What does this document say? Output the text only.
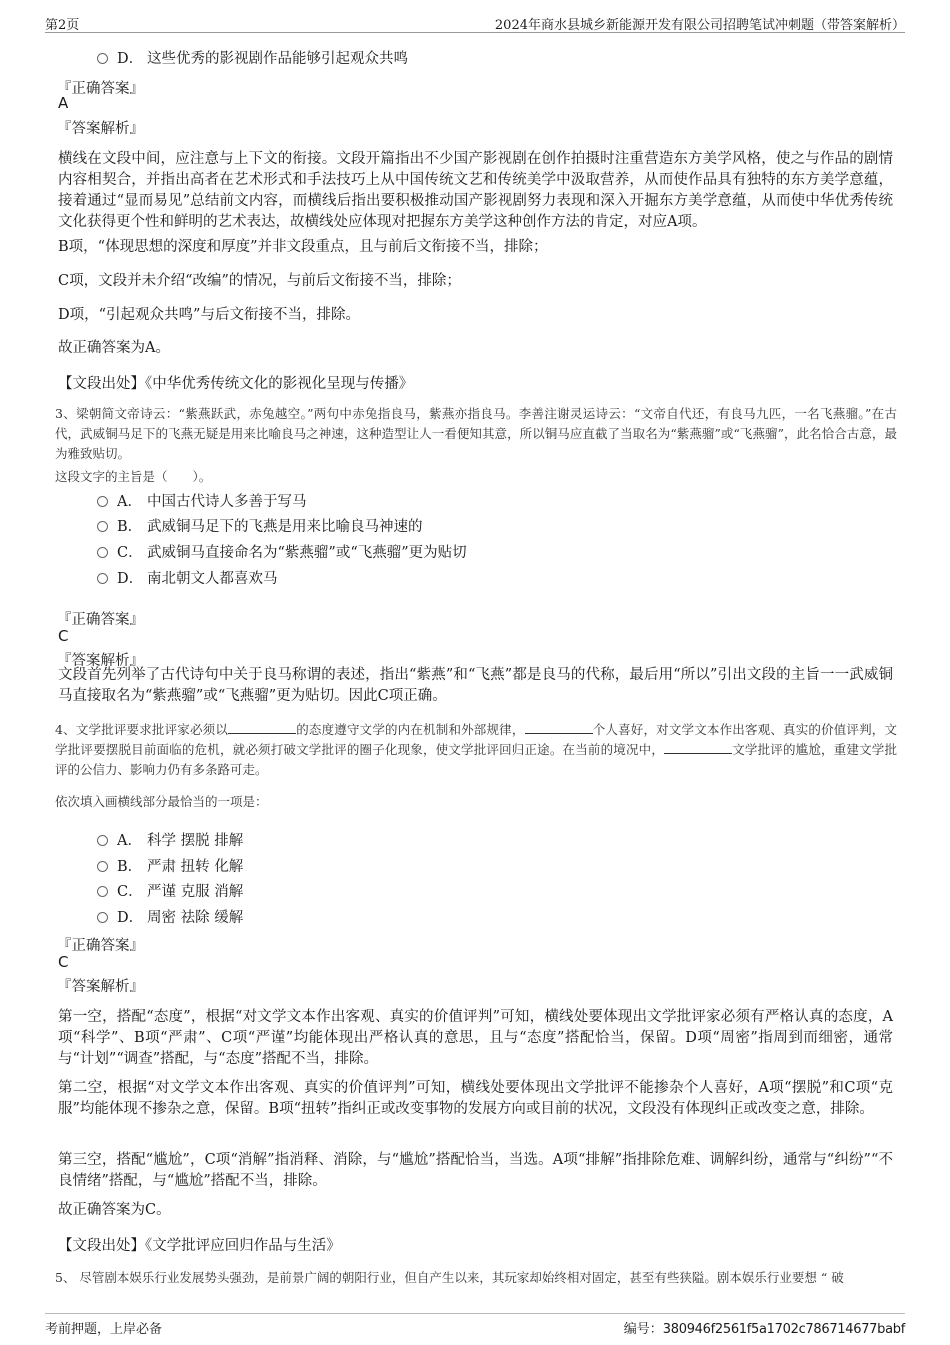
第2页	2024年商水县城乡新能源开发有限公司招聘笔试冲刺题（带答案解析）
D． 这些优秀的影视剧作品能够引起观众共鸣
『正确答案』
A
『答案解析』
横线在文段中间，应注意与上下文的衔接。文段开篇指出不少国产影视剧在创作拍摄时注重营造东方美学风格，使之与作品的剧情内容相契合，并指出高者在艺术形式和手法技巧上从中国传统文艺和传统美学中汲取营养，从而使作品具有独特的东方美学意蕴，接着通过“显而易见”总结前文内容，而横线后指出要积极推动国产影视剧努力表现和深入开掘东方美学意蕴，从而使中华优秀传统文化获得更个性和鲜明的艺术表达，故横线处应体现对把握东方美学这种创作方法的肯定，对应A项。
B项，“体现思想的深度和厚度”并非文段重点，且与前后文衔接不当，排除；
C项，文段并未介绍“改编”的情况，与前后文衔接不当，排除；
D项，“引起观众共鸣”与后文衔接不当，排除。
故正确答案为A。
【文段出处】《中华优秀传统文化的影视化呈现与传播》
3、梁朝简文帝诗云：“紫燕跃武，赤兔越空。”两句中赤兔指良马，紫燕亦指良马。李善注谢灵运诗云：“文帝自代还，有良马九匹，一名飞燕骝。”在古代，武威铜马足下的飞燕无疑是用来比喻良马之神速，这种造型让人一看便知其意，所以铜马应直截了当取名为“紫燕骝”或“飞燕骝”，此名恰合古意，最为雅致贴切。
这段文字的主旨是（　　）。
A． 中国古代诗人多善于写马
B． 武威铜马足下的飞燕是用来比喻良马神速的
C． 武威铜马直接命名为“紫燕骝”或“飞燕骝”更为贴切
D． 南北朝文人都喜欢马
『正确答案』
C
『答案解析』
文段首先列举了古代诗句中关于良马称谓的表述，指出“紫燕”和“飞燕”都是良马的代称，最后用“所以”引出文段的主旨一一武威铜马直接取名为“紫燕骝”或“飞燕骝”更为贴切。因此C项正确。
4、文学批评要求批评家必须以	的态度遵守文学的内在机制和外部规律，	个人喜好，对文学文本作出客观、真实的价值评判，文学批评要摆脱目前面临的危机，就必须打破文学批评的圈子化现象，使文学批评回归正途。在当前的境况中，	文学批评的尴尬，重建文学批评的公信力、影响力仍有多条路可走。
依次填入画横线部分最恰当的一项是：
A． 科学 摆脱 排解
B． 严肃 扭转 化解
C． 严谨 克服 消解
D． 周密 祛除 缓解
『正确答案』
C
『答案解析』
第一空，搭配“态度”，根据“对文学文本作出客观、真实的价值评判”可知，横线处要体现出文学批评家必须有严格认真的态度，A项“科学”、B项“严肃”、C项“严谨”均能体现出严格认真的意思，且与“态度”搭配恰当，保留。D项“周密”指周到而细密，通常与“计划”“调查”搭配，与“态度”搭配不当，排除。
第二空，根据“对文学文本作出客观、真实的价值评判”可知，横线处要体现出文学批评不能掺杂个人喜好，A项“摆脱”和C项“克服”均能体现不掺杂之意，保留。B项“扭转”指纠正或改变事物的发展方向或目前的状况，文段没有体现纠正或改变之意，排除。
第三空，搭配“尴尬”，C项“消解”指消释、消除，与“尴尬”搭配恰当，当选。A项“排解”指排除危难、调解纠纷，通常与“纠纷”“不良情绪”搭配，与“尴尬”搭配不当，排除。
故正确答案为C。
【文段出处】《文学批评应回归作品与生活》
5、 尽管剧本娱乐行业发展势头强劲，是前景广阔的朝阳行业，但自产生以来，其玩家却始终相对固定，甚至有些狭隘。剧本娱乐行业要想 “ 破
考前押题，上岸必备	编号：380946f2561f5a1702c786714677babf
